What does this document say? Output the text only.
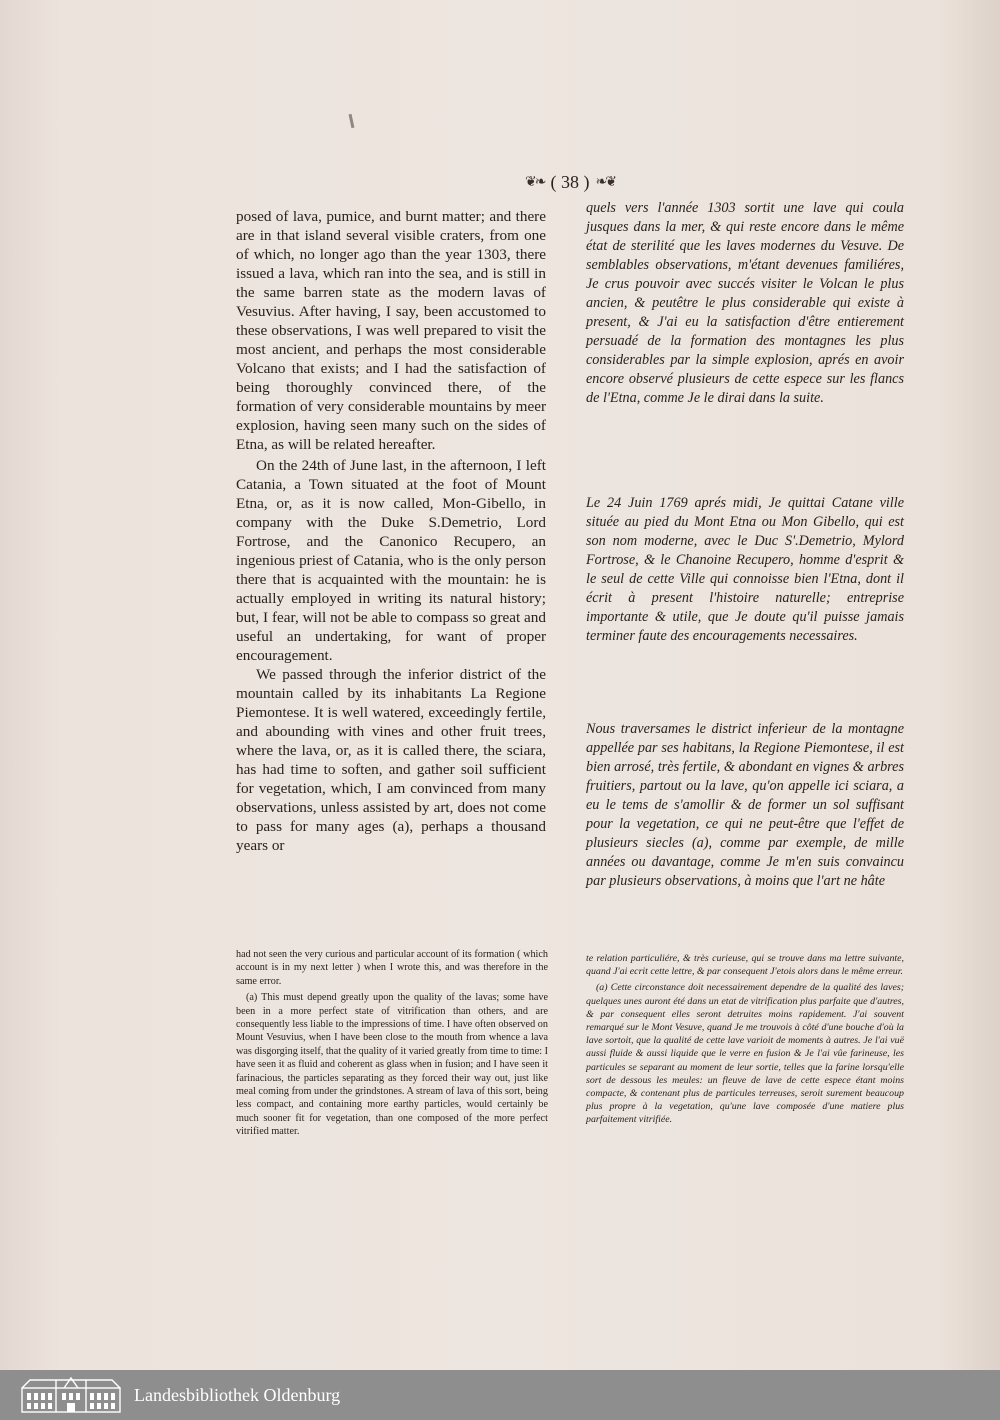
❦❧ ( 38 ) ❧❦

posed of lava, pumice, and burnt matter; and there are in that island several visible craters, from one of which, no longer ago than the year 1303, there issued a lava, which ran into the sea, and is still in the same barren state as the modern lavas of Vesuvius. After having, I say, been accustomed to these observations, I was well prepared to visit the most ancient, and perhaps the most considerable Volcano that exists; and I had the satisfaction of being thoroughly convinced there, of the formation of very considerable mountains by meer explosion, having seen many such on the sides of Etna, as will be related hereafter.

On the 24th of June last, in the afternoon, I left Catania, a Town situated at the foot of Mount Etna, or, as it is now called, Mon-Gibello, in company with the Duke S.Demetrio, Lord Fortrose, and the Canonico Recupero, an ingenious priest of Catania, who is the only person there that is acquainted with the mountain: he is actually employed in writing its natural history; but, I fear, will not be able to compass so great and useful an undertaking, for want of proper encouragement.

We passed through the inferior district of the mountain called by its inhabitants La Regione Piemontese. It is well watered, exceedingly fertile, and abounding with vines and other fruit trees, where the lava, or, as it is called there, the sciara, has had time to soften, and gather soil sufficient for vegetation, which, I am convinced from many observations, unless assisted by art, does not come to pass for many ages (a), perhaps a thousand years or

quels vers l'année 1303 sortit une lave qui coula jusques dans la mer, & qui reste encore dans le même état de sterilité que les laves modernes du Vesuve. De semblables observations, m'étant devenues familiéres, Je crus pouvoir avec succés visiter le Volcan le plus ancien, & peutêtre le plus considerable qui existe à present, & J'ai eu la satisfaction d'être entierement persuadé de la formation des montagnes les plus considerables par la simple explosion, aprés en avoir encore observé plusieurs de cette espece sur les flancs de l'Etna, comme Je le dirai dans la suite.

Le 24 Juin 1769 aprés midi, Je quittai Catane ville située au pied du Mont Etna ou Mon Gibello, qui est son nom moderne, avec le Duc S'.Demetrio, Mylord Fortrose, & le Chanoine Recupero, homme d'esprit & le seul de cette Ville qui connoisse bien l'Etna, dont il écrit à present l'histoire naturelle; entreprise importante & utile, que Je doute qu'il puisse jamais terminer faute des encouragements necessaires.

Nous traversames le district inferieur de la montagne appellée par ses habitans, la Regione Piemontese, il est bien arrosé, très fertile, & abondant en vignes & arbres fruitiers, partout ou la lave, qu'on appelle ici sciara, a eu le tems de s'amollir & de former un sol suffisant pour la vegetation, ce qui ne peut-être que l'effet de plusieurs siecles (a), comme par exemple, de mille années ou davantage, comme Je m'en suis convaincu par plusieurs observations, à moins que l'art ne hâte

had not seen the very curious and particular account of its formation ( which account is in my next letter ) when I wrote this, and was therefore in the same error.

(a) This must depend greatly upon the quality of the lavas; some have been in a more perfect state of vitrification than others, and are consequently less liable to the impressions of time. I have often observed on Mount Vesuvius, when I have been close to the mouth from whence a lava was disgorging itself, that the quality of it varied greatly from time to time: I have seen it as fluid and coherent as glass when in fusion; and I have seen it farinacious, the particles separating as they forced their way out, just like meal coming from under the grindstones. A stream of lava of this sort, being less compact, and containing more earthy particles, would certainly be much sooner fit for vegetation, than one composed of the more perfect vitrified matter.

te relation particuliére, & très curieuse, qui se trouve dans ma lettre suivante, quand J'ai ecrit cette lettre, & par consequent J'etois alors dans le même erreur.

(a) Cette circonstance doit necessairement dependre de la qualité des laves; quelques unes auront été dans un etat de vitrification plus parfaite que d'autres, & par consequent elles seront detruites moins rapidement. J'ai souvent remarqué sur le Mont Vesuve, quand Je me trouvois à côté d'une bouche d'où la lave sortoit, que la qualité de cette lave varioit de moments à autres. Je l'ai vuë aussi fluide & aussi liquide que le verre en fusion & Je l'ai vûe farineuse, les particules se separant au moment de leur sortie, telles que la farine lorsqu'elle sort de dessous les meules: un fleuve de lave de cette espece étant moins compacte, & contenant plus de particules terreuses, seroit surement beaucoup plus propre à la vegetation, qu'une lave composée d'une matiere plus parfaitement vitrifiée.

Landesbibliothek Oldenburg
